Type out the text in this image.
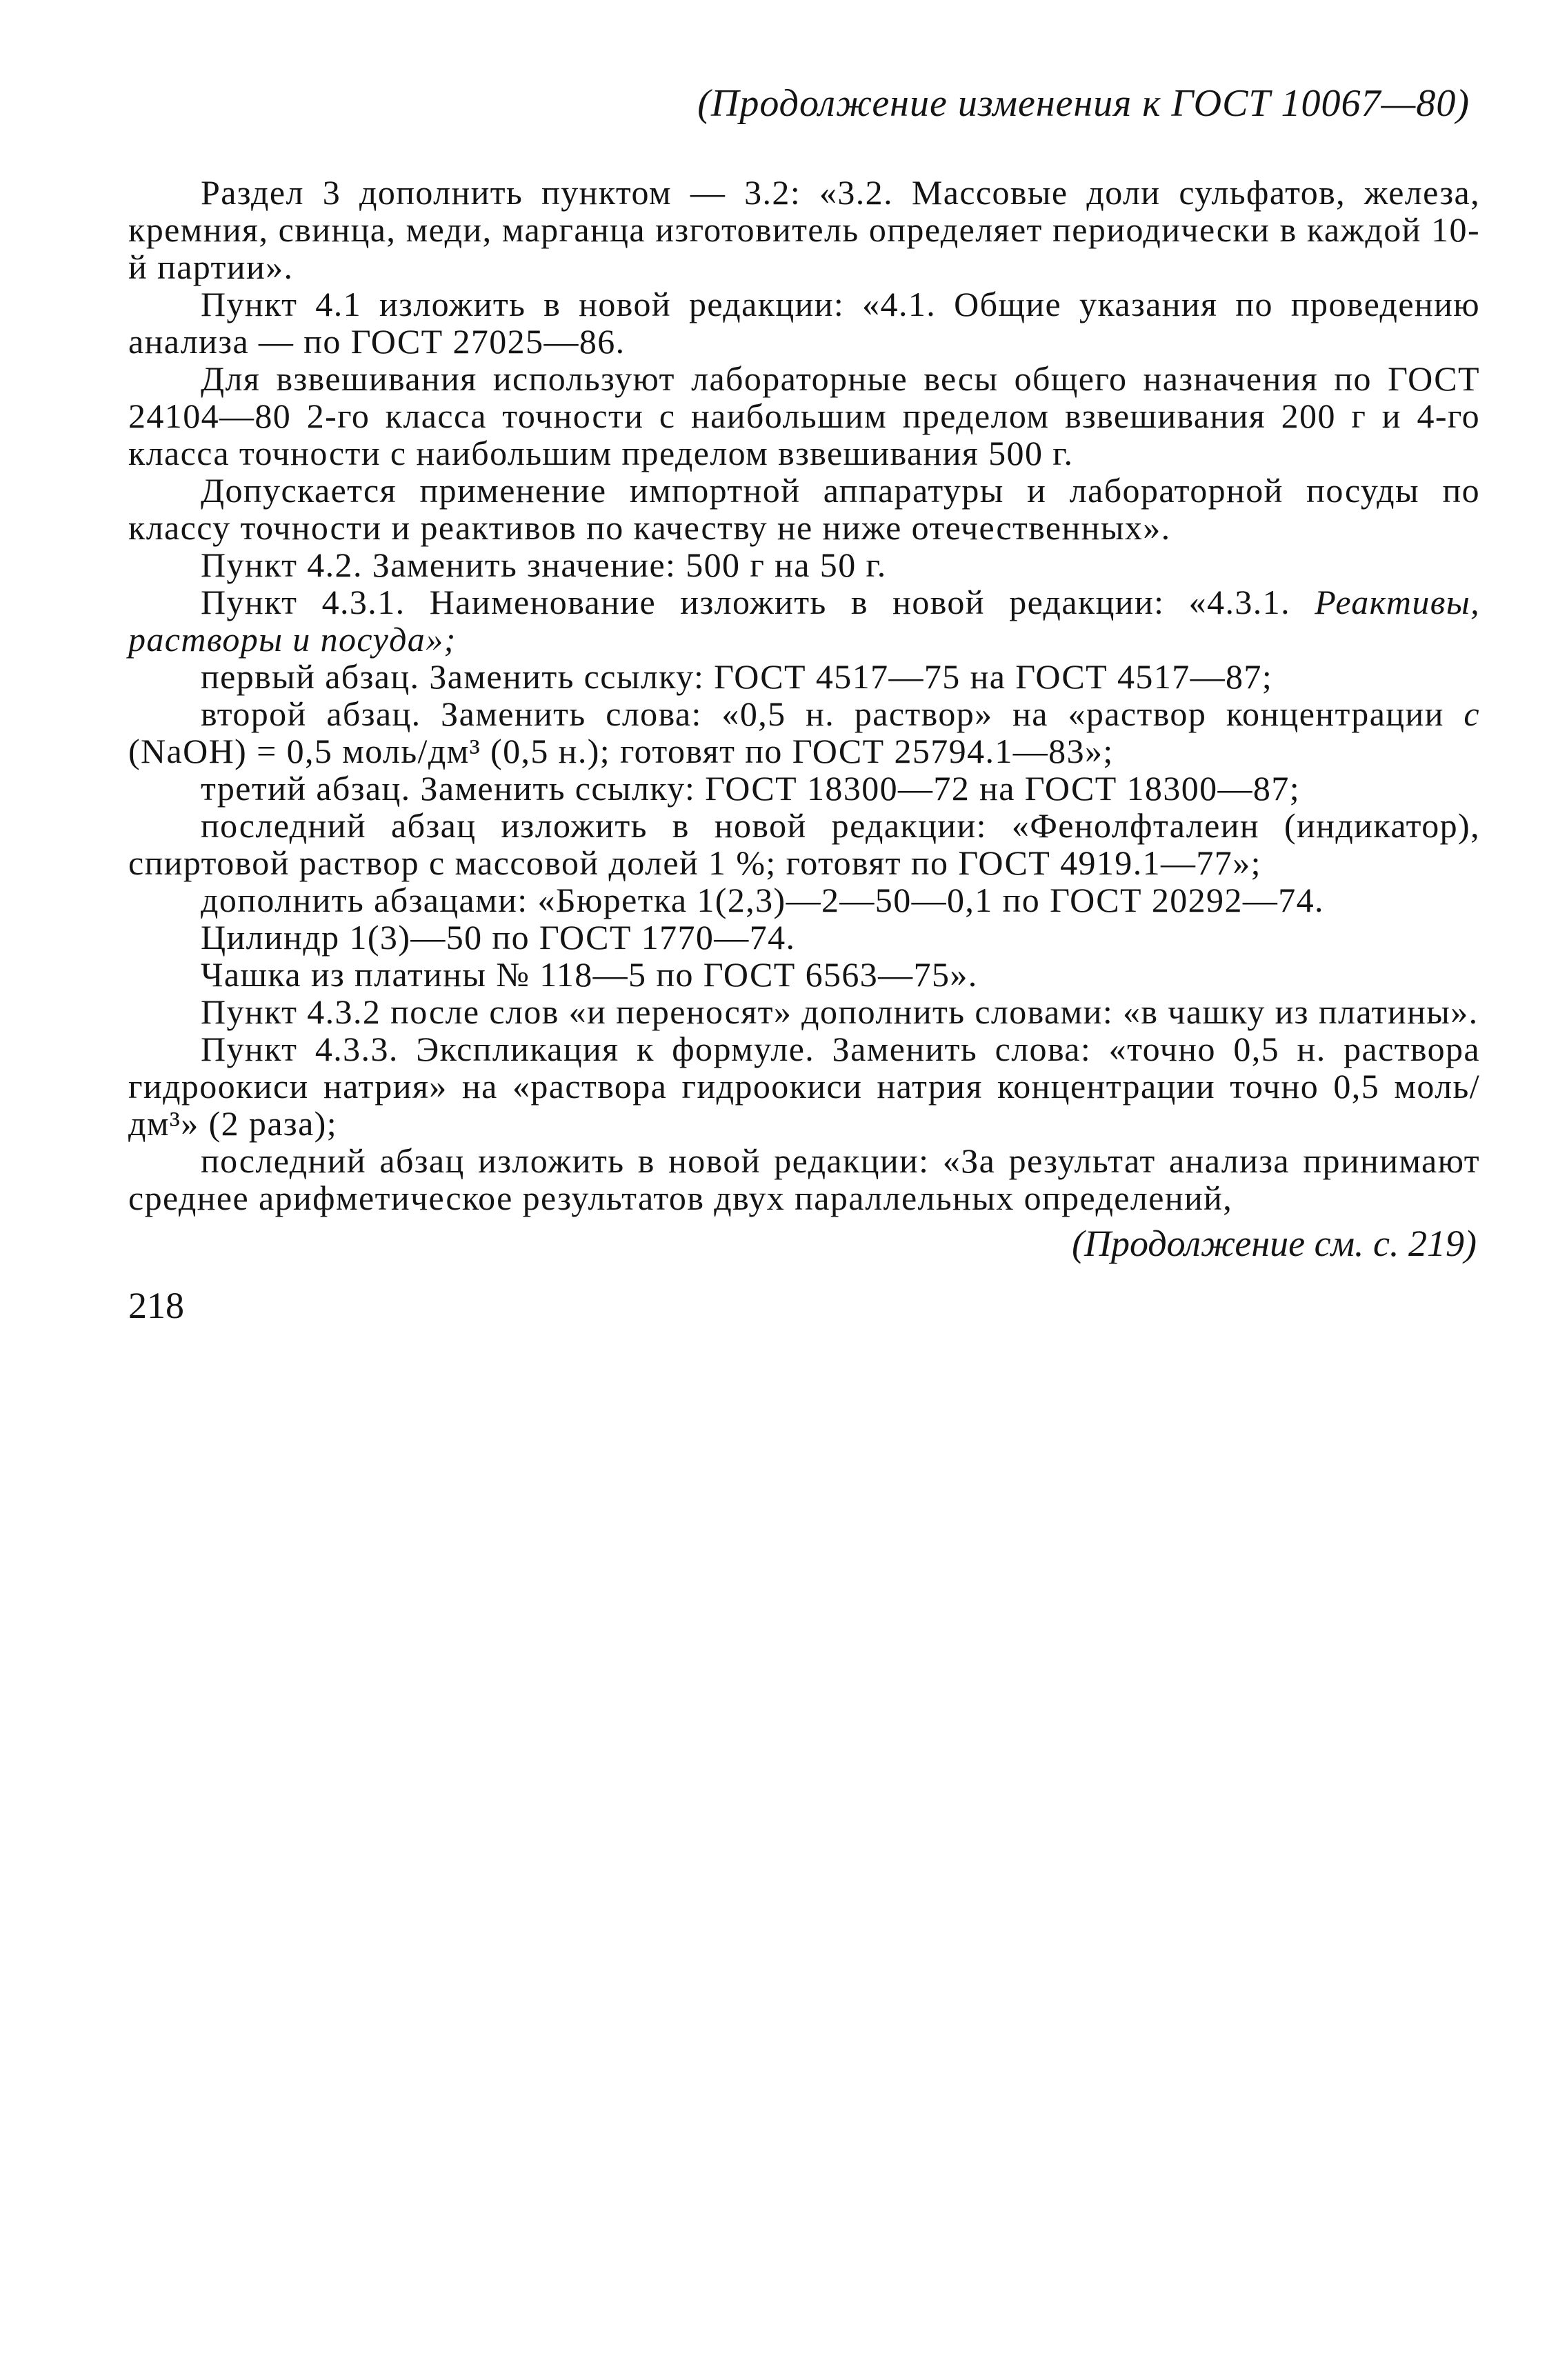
(Продолжение изменения к ГОСТ 10067—80)

Раздел 3 дополнить пунктом — 3.2: «3.2. Массовые доли сульфатов, железа, кремния, свинца, меди, марганца изготовитель определяет периодически в каждой 10-й партии».

Пункт 4.1 изложить в новой редакции: «4.1. Общие указания по проведению анализа — по ГОСТ 27025—86.

Для взвешивания используют лабораторные весы общего назначения по ГОСТ 24104—80 2-го класса точности с наибольшим пределом взвешивания 200 г и 4-го класса точности с наибольшим пределом взвешивания 500 г.

Допускается применение импортной аппаратуры и лабораторной посуды по классу точности и реактивов по качеству не ниже отечественных».

Пункт 4.2. Заменить значение: 500 г на 50 г.

Пункт 4.3.1. Наименование изложить в новой редакции: «4.3.1. Реактивы, растворы и посуда»;

первый абзац. Заменить ссылку: ГОСТ 4517—75 на ГОСТ 4517—87;

второй абзац. Заменить слова: «0,5 н. раствор» на «раствор концентрации c (NaOH) = 0,5 моль/дм³ (0,5 н.); готовят по ГОСТ 25794.1—83»;

третий абзац. Заменить ссылку: ГОСТ 18300—72 на ГОСТ 18300—87;

последний абзац изложить в новой редакции: «Фенолфталеин (индикатор), спиртовой раствор с массовой долей 1 %; готовят по ГОСТ 4919.1—77»;

дополнить абзацами: «Бюретка 1(2,3)—2—50—0,1 по ГОСТ 20292—74.

Цилиндр 1(3)—50 по ГОСТ 1770—74.

Чашка из платины № 118—5 по ГОСТ 6563—75».

Пункт 4.3.2 после слов «и переносят» дополнить словами: «в чашку из платины».

Пункт 4.3.3. Экспликация к формуле. Заменить слова: «точно 0,5 н. раствора гидроокиси натрия» на «раствора гидроокиси натрия концентрации точно 0,5 моль/дм³» (2 раза);

последний абзац изложить в новой редакции: «За результат анализа принимают среднее арифметическое результатов двух параллельных определений,

(Продолжение см. с. 219)
218
